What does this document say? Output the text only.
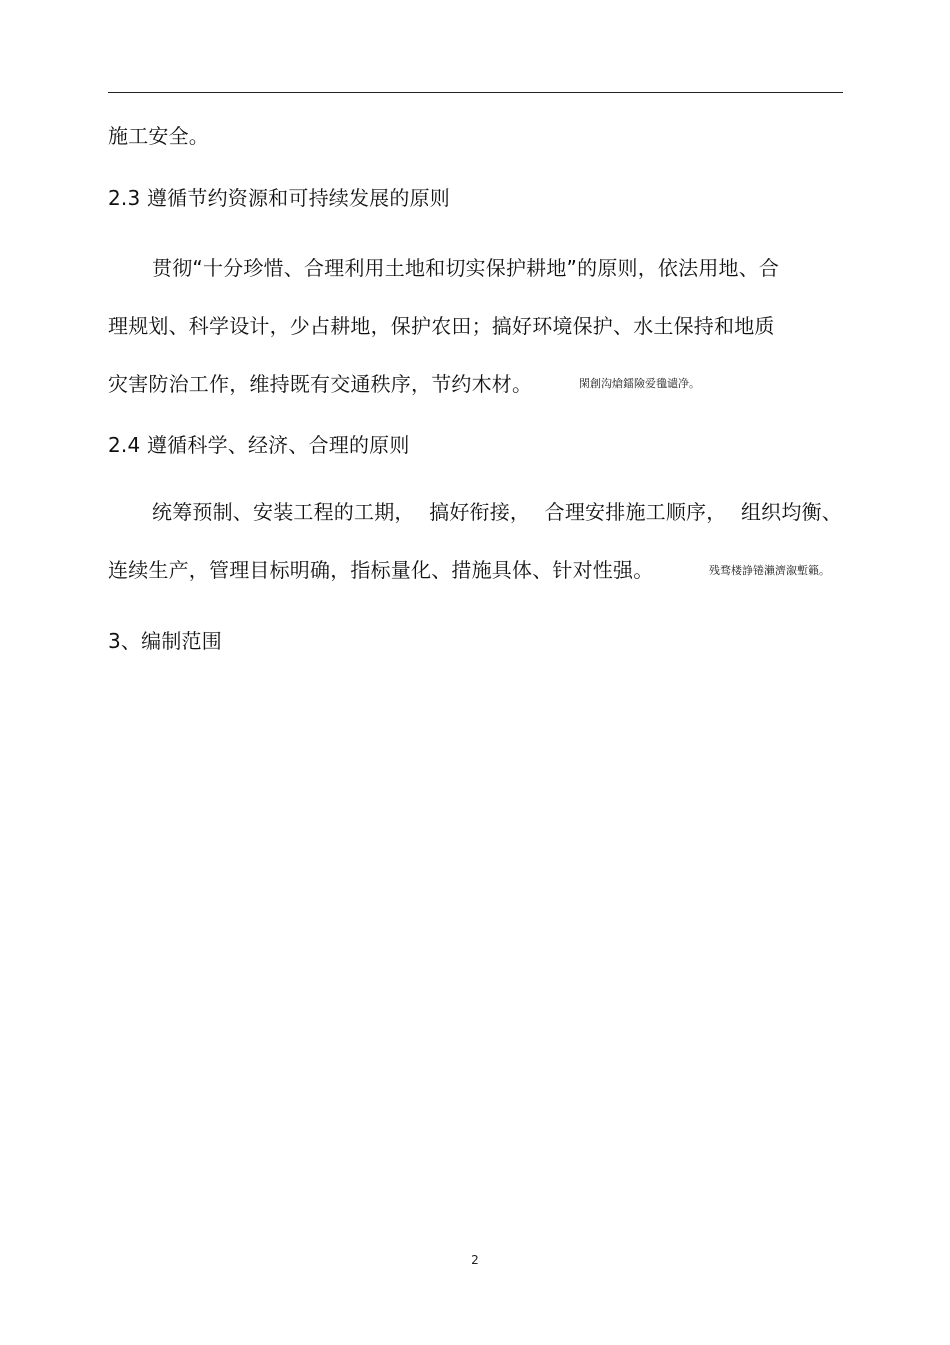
施工安全。
2.3 遵循节约资源和可持续发展的原则
贯彻“十分珍惜、合理利用土地和切实保护耕地”的原则，依法用地、合
理规划、科学设计，少占耕地，保护农田；搞好环境保护、水土保持和地质
灾害防治工作，维持既有交通秩序，节约木材。	閑創沟熗鐳險爱氇谴净。
2.4 遵循科学、经济、合理的原则
统筹预制、安装工程的工期， 搞好衔接， 合理安排施工顺序， 组织均衡、
连续生产，管理目标明确，指标量化、措施具体、针对性强。	残骛楼諍锩瀨濟溆塹籟。
3、编制范围
2
